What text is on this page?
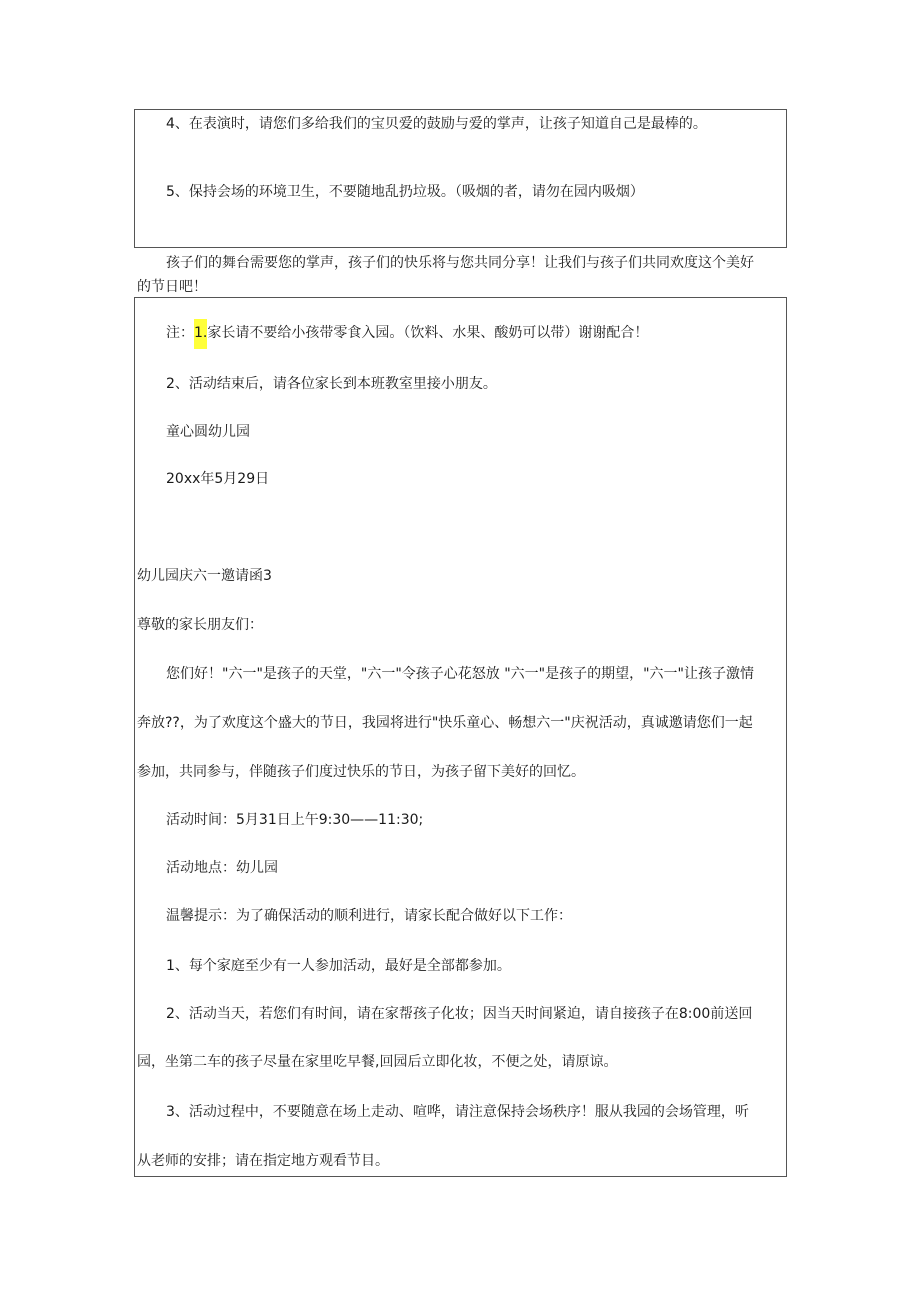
4、在表演时，请您们多给我们的宝贝爱的鼓励与爱的掌声，让孩子知道自己是最棒的。
5、保持会场的环境卫生，不要随地乱扔垃圾。（吸烟的者，请勿在园内吸烟）
孩子们的舞台需要您的掌声，孩子们的快乐将与您共同分享！让我们与孩子们共同欢度这个美好
的节日吧！
注：1.家长请不要给小孩带零食入园。（饮料、水果、酸奶可以带）谢谢配合！
2、活动结束后，请各位家长到本班教室里接小朋友。
童心圆幼儿园
20xx年5月29日
幼儿园庆六一邀请函3
尊敬的家长朋友们：
您们好！"六一"是孩子的天堂，"六一"令孩子心花怒放 "六一"是孩子的期望，"六一"让孩子激情
奔放??，为了欢度这个盛大的节日，我园将进行"快乐童心、畅想六一"庆祝活动，真诚邀请您们一起
参加，共同参与，伴随孩子们度过快乐的节日，为孩子留下美好的回忆。
活动时间：5月31日上午9:30——11:30;
活动地点：幼儿园
温馨提示：为了确保活动的顺利进行，请家长配合做好以下工作：
1、每个家庭至少有一人参加活动，最好是全部都参加。
2、活动当天，若您们有时间，请在家帮孩子化妆；因当天时间紧迫，请自接孩子在8:00前送回
园，坐第二车的孩子尽量在家里吃早餐,回园后立即化妆，不便之处，请原谅。
3、活动过程中，不要随意在场上走动、喧哗，请注意保持会场秩序！服从我园的会场管理，听
从老师的安排；请在指定地方观看节目。
